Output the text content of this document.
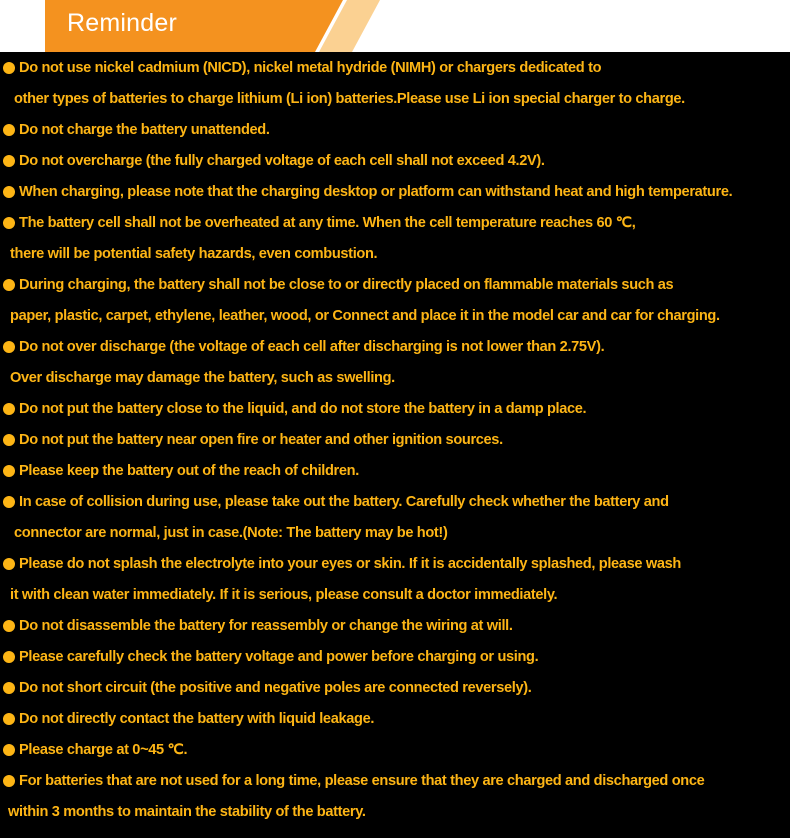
Reminder
Do not use nickel cadmium (NICD), nickel metal hydride (NIMH) or chargers dedicated to
other types of batteries to charge lithium (Li ion) batteries.Please use Li ion special charger to charge.
Do not charge the battery unattended.
Do not overcharge (the fully charged voltage of each cell shall not exceed 4.2V).
When charging, please note that the charging desktop or platform can withstand heat and high temperature.
The battery cell shall not be overheated at any time. When the cell temperature reaches 60 ℃,
there will be potential safety hazards, even combustion.
During charging, the battery shall not be close to or directly placed on flammable materials such as
paper, plastic, carpet, ethylene, leather, wood, or Connect and place it in the model car and car for charging.
Do not over discharge (the voltage of each cell after discharging is not lower than 2.75V).
Over discharge may damage the battery, such as swelling.
Do not put the battery close to the liquid, and do not store the battery in a damp place.
Do not put the battery near open fire or heater and other ignition sources.
Please keep the battery out of the reach of children.
In case of collision during use, please take out the battery. Carefully check whether the battery and
connector are normal, just in case.(Note: The battery may be hot!)
Please do not splash the electrolyte into your eyes or skin. If it is accidentally splashed, please wash
it with clean water immediately. If it is serious, please consult a doctor immediately.
Do not disassemble the battery for reassembly or change the wiring at will.
Please carefully check the battery voltage and power before charging or using.
Do not short circuit (the positive and negative poles are connected reversely).
Do not directly contact the battery with liquid leakage.
Please charge at 0~45 ℃.
For batteries that are not used for a long time, please ensure that they are charged and discharged once
within 3 months to maintain the stability of the battery.
